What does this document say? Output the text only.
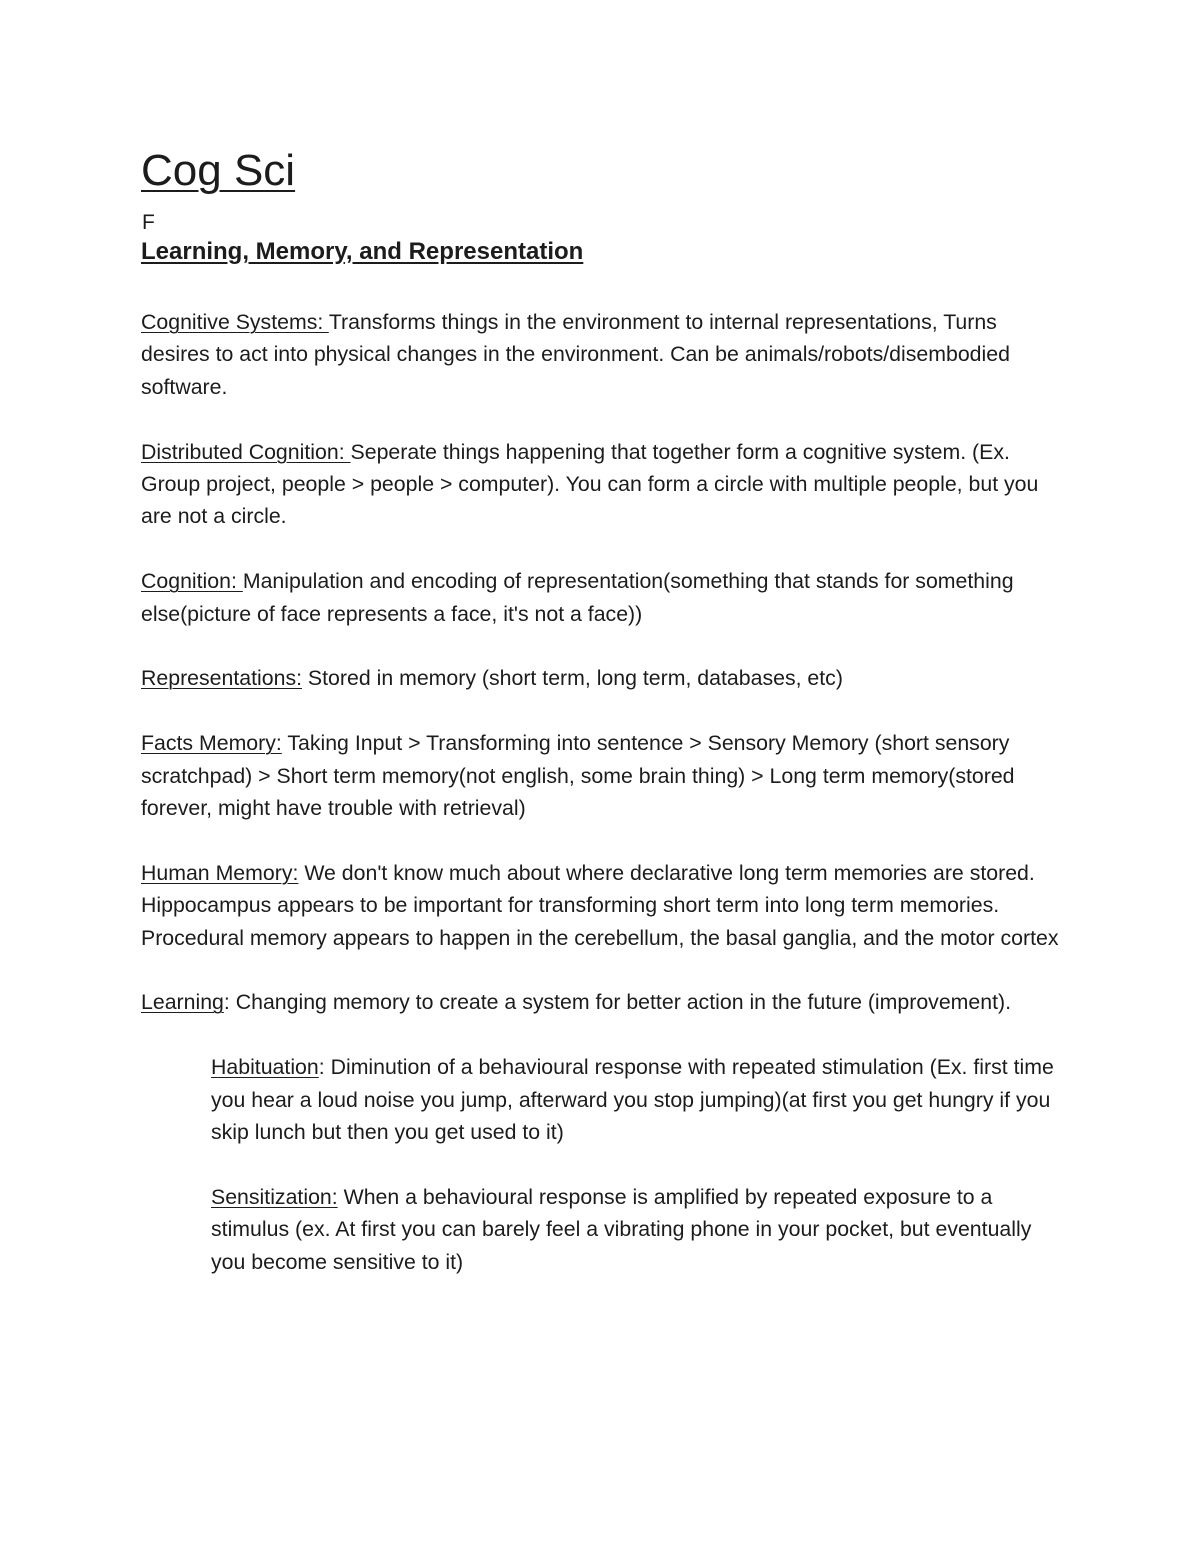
Cog Sci
F
Learning, Memory, and Representation

Cognitive Systems: Transforms things in the environment to internal representations, Turns desires to act into physical changes in the environment. Can be animals/robots/disembodied software.

Distributed Cognition: Seperate things happening that together form a cognitive system. (Ex. Group project, people > people > computer). You can form a circle with multiple people, but you are not a circle.

Cognition: Manipulation and encoding of representation(something that stands for something else(picture of face represents a face, it's not a face))

Representations: Stored in memory (short term, long term, databases, etc)

Facts Memory: Taking Input > Transforming into sentence > Sensory Memory (short sensory scratchpad) > Short term memory(not english, some brain thing) > Long term memory(stored forever, might have trouble with retrieval)

Human Memory: We don't know much about where declarative long term memories are stored. Hippocampus appears to be important for transforming short term into long term memories. Procedural memory appears to happen in the cerebellum, the basal ganglia, and the motor cortex

Learning: Changing memory to create a system for better action in the future (improvement).

Habituation: Diminution of a behavioural response with repeated stimulation (Ex. first time you hear a loud noise you jump, afterward you stop jumping)(at first you get hungry if you skip lunch but then you get used to it)

Sensitization: When a behavioural response is amplified by repeated exposure to a stimulus (ex. At first you can barely feel a vibrating phone in your pocket, but eventually you become sensitive to it)
